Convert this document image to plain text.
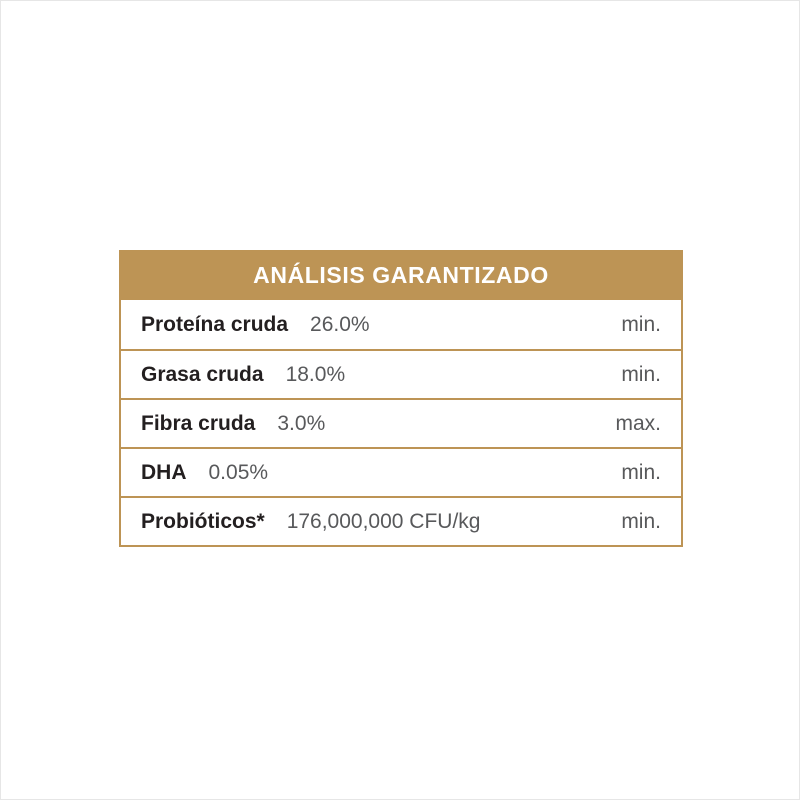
ANÁLISIS GARANTIZADO
Proteína cruda 26.0%	min.
Grasa cruda 18.0%	min.
Fibra cruda 3.0%	max.
DHA 0.05%	min.
Probióticos* 176,000,000 CFU/kg	min.
